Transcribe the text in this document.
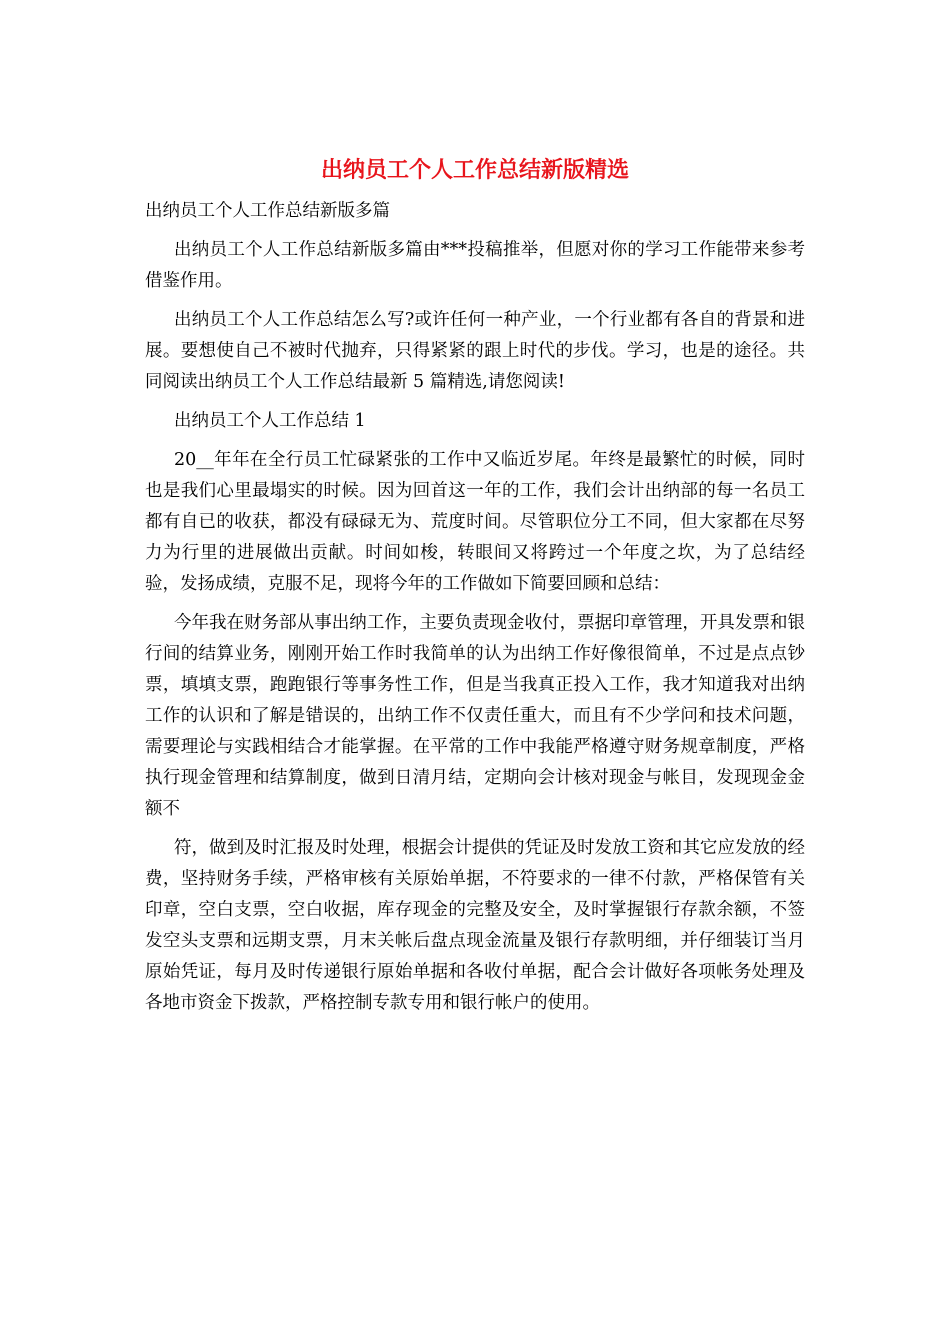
出纳员工个人工作总结新版精选

出纳员工个人工作总结新版多篇

出纳员工个人工作总结新版多篇由***投稿推举，但愿对你的学习工作能带来参考借鉴作用。

出纳员工个人工作总结怎么写?或许任何一种产业，一个行业都有各自的背景和进展。要想使自己不被时代抛弃，只得紧紧的跟上时代的步伐。学习，也是的途径。共同阅读出纳员工个人工作总结最新 5 篇精选,请您阅读!

出纳员工个人工作总结 1

20__年年在全行员工忙碌紧张的工作中又临近岁尾。年终是最繁忙的时候，同时也是我们心里最塌实的时候。因为回首这一年的工作，我们会计出纳部的每一名员工都有自已的收获，都没有碌碌无为、荒度时间。尽管职位分工不同，但大家都在尽努力为行里的进展做出贡献。时间如梭，转眼间又将跨过一个年度之坎，为了总结经验，发扬成绩，克服不足，现将今年的工作做如下简要回顾和总结：

今年我在财务部从事出纳工作，主要负责现金收付，票据印章管理，开具发票和银行间的结算业务，刚刚开始工作时我简单的认为出纳工作好像很简单，不过是点点钞票，填填支票，跑跑银行等事务性工作，但是当我真正投入工作，我才知道我对出纳工作的认识和了解是错误的，出纳工作不仅责任重大，而且有不少学问和技术问题，需要理论与实践相结合才能掌握。在平常的工作中我能严格遵守财务规章制度，严格执行现金管理和结算制度，做到日清月结，定期向会计核对现金与帐目，发现现金金额不

符，做到及时汇报及时处理，根据会计提供的凭证及时发放工资和其它应发放的经费，坚持财务手续，严格审核有关原始单据，不符要求的一律不付款，严格保管有关印章，空白支票，空白收据，库存现金的完整及安全，及时掌握银行存款余额，不签发空头支票和远期支票，月末关帐后盘点现金流量及银行存款明细，并仔细装订当月原始凭证，每月及时传递银行原始单据和各收付单据，配合会计做好各项帐务处理及各地市资金下拨款，严格控制专款专用和银行帐户的使用。
